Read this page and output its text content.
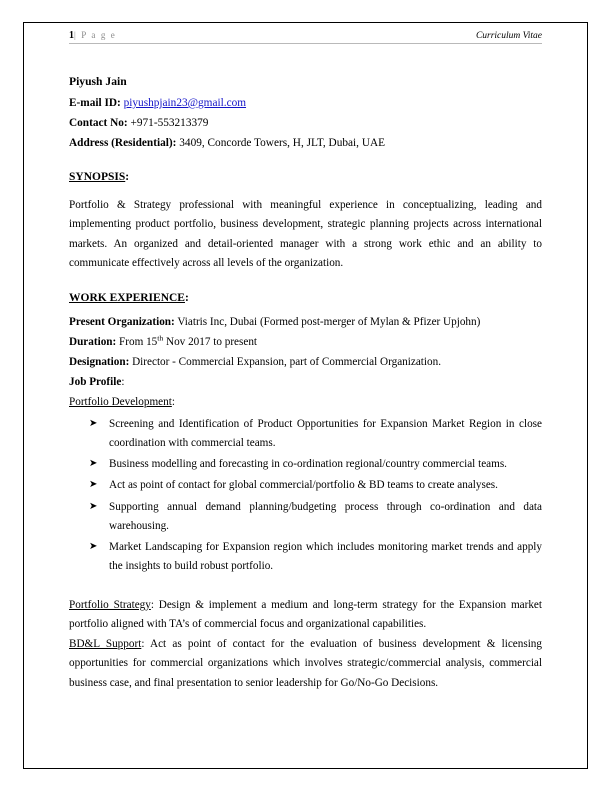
1| P a g e	Curriculum Vitae
Piyush Jain
E-mail ID: piyushpjain23@gmail.com
Contact No: +971-553213379
Address (Residential): 3409, Concorde Towers, H, JLT, Dubai, UAE
SYNOPSIS:
Portfolio & Strategy professional with meaningful experience in conceptualizing, leading and implementing product portfolio, business development, strategic planning projects across international markets. An organized and detail-oriented manager with a strong work ethic and an ability to communicate effectively across all levels of the organization.
WORK EXPERIENCE:
Present Organization: Viatris Inc, Dubai (Formed post-merger of Mylan & Pfizer Upjohn)
Duration: From 15th Nov 2017 to present
Designation: Director - Commercial Expansion, part of Commercial Organization.
Job Profile:
Portfolio Development:
➤ Screening and Identification of Product Opportunities for Expansion Market Region in close coordination with commercial teams.
➤ Business modelling and forecasting in co-ordination regional/country commercial teams.
➤ Act as point of contact for global commercial/portfolio & BD teams to create analyses.
➤ Supporting annual demand planning/budgeting process through co-ordination and data warehousing.
➤ Market Landscaping for Expansion region which includes monitoring market trends and apply the insights to build robust portfolio.
Portfolio Strategy: Design & implement a medium and long-term strategy for the Expansion market portfolio aligned with TA’s of commercial focus and organizational capabilities.
BD&L Support: Act as point of contact for the evaluation of business development & licensing opportunities for commercial organizations which involves strategic/commercial analysis, commercial business case, and final presentation to senior leadership for Go/No-Go Decisions.
